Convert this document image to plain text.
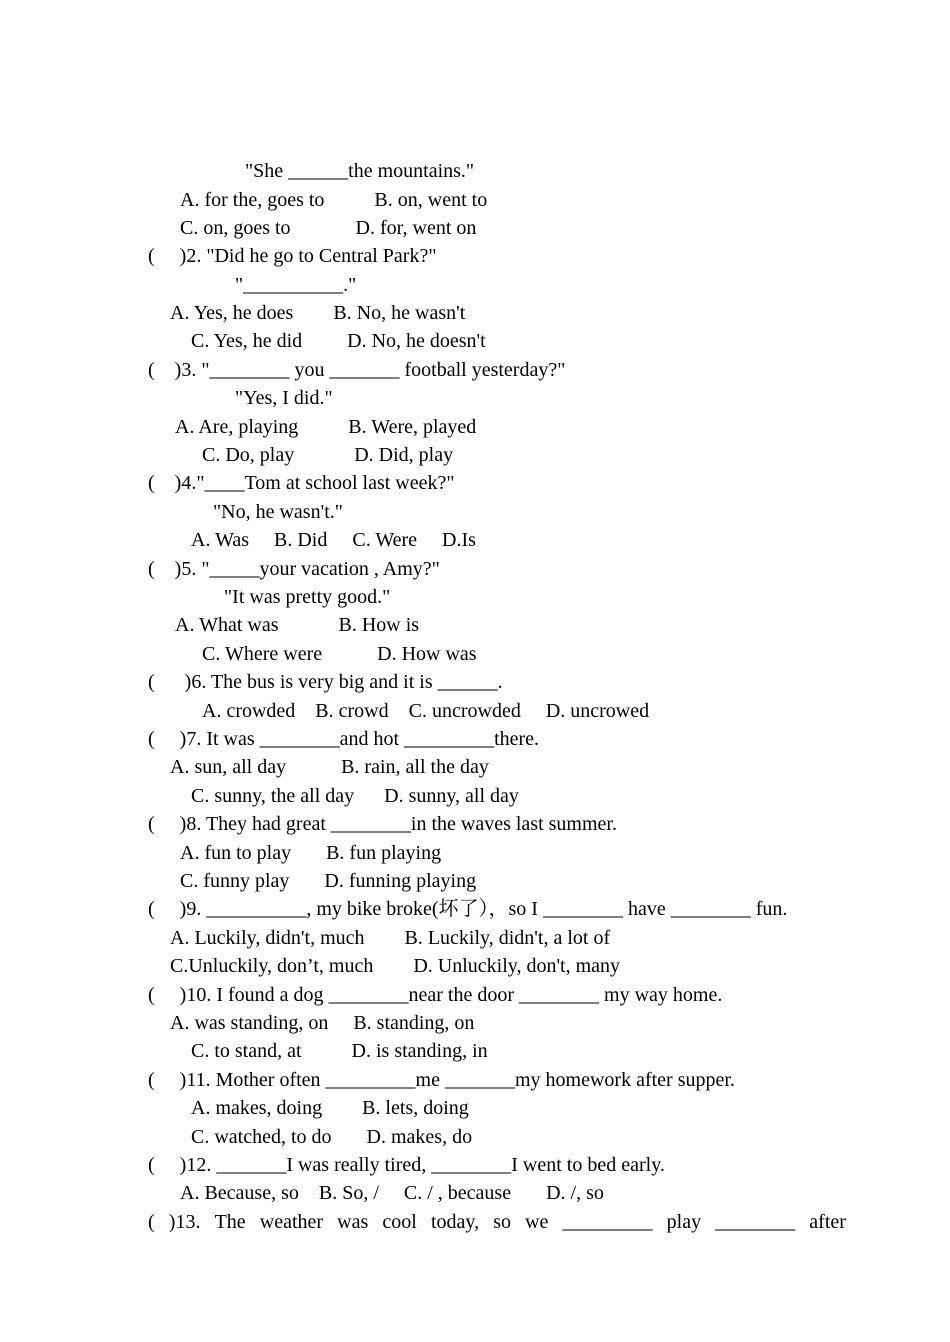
"She ______the mountains."
A. for the, goes to          B. on, went to
C. on, goes to             D. for, went on
(     )2. "Did he go to Central Park?"
"__________."
A. Yes, he does        B. No, he wasn't
C. Yes, he did         D. No, he doesn't
(    )3. "________ you _______ football yesterday?"
"Yes, I did."
A. Are, playing          B. Were, played
C. Do, play            D. Did, play
(    )4."____Tom at school last week?"
"No, he wasn't."
A. Was     B. Did     C. Were     D.Is
(    )5. "_____your vacation , Amy?"
"It was pretty good."
A. What was            B. How is
C. Where were           D. How was
(      )6. The bus is very big and it is ______.
A. crowded    B. crowd    C. uncrowded     D. uncrowed
(     )7. It was ________and hot _________there.
A. sun, all day           B. rain, all the day
C. sunny, the all day      D. sunny, all day
(     )8. They had great ________in the waves last summer.
A. fun to play       B. fun playing
C. funny play       D. funning playing
(     )9. __________, my bike broke(坏了），so I ________ have ________ fun.
A. Luckily, didn't, much        B. Luckily, didn't, a lot of
C.Unluckily, don’t, much        D. Unluckily, don't, many
(     )10. I found a dog ________near the door ________ my way home.
A. was standing, on     B. standing, on
C. to stand, at          D. is standing, in
(     )11. Mother often _________me _______my homework after supper.
A. makes, doing        B. lets, doing
C. watched, to do       D. makes, do
(     )12. _______I was really tired, ________I went to bed early.
A. Because, so    B. So, /     C. / , because       D. /, so
( )13. The weather was cool today, so we _________ play ________ after
